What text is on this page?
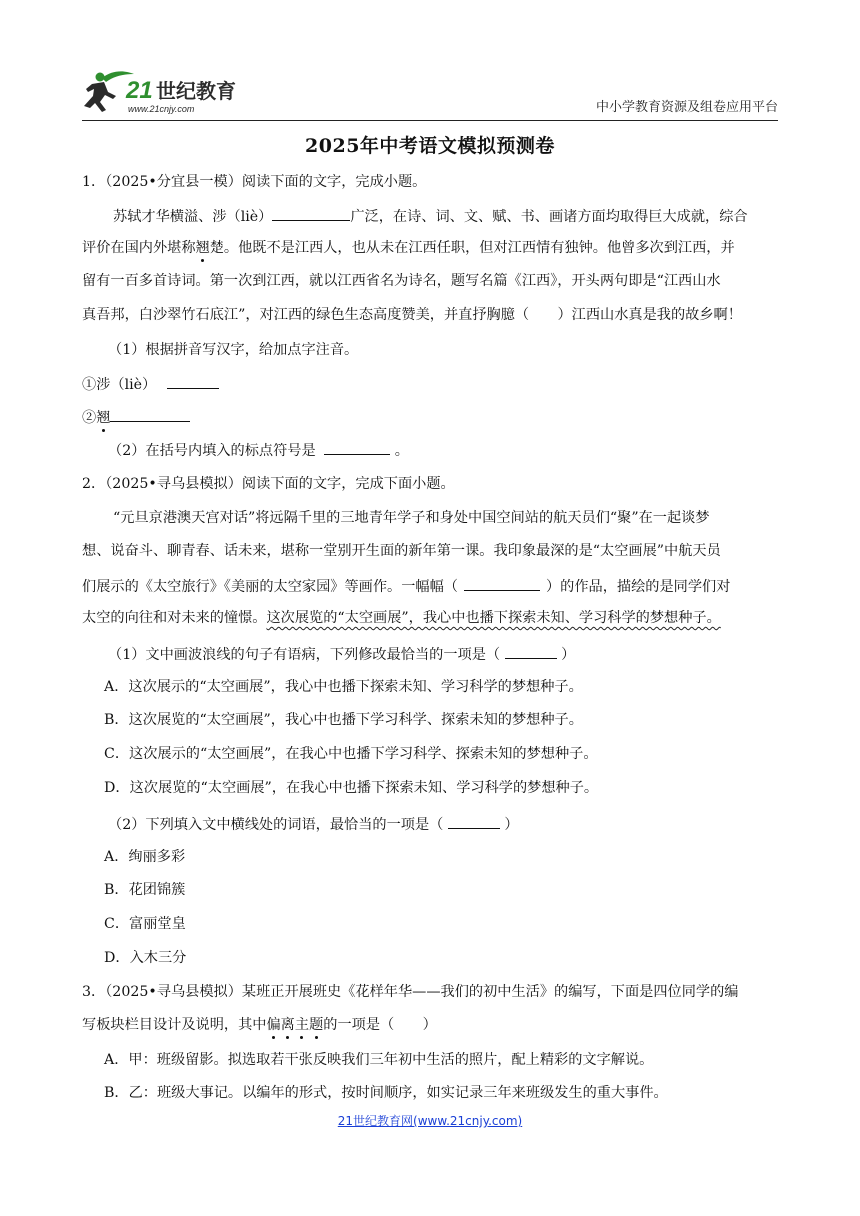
21 世纪教育
www.21cnjy.com	中小学教育资源及组卷应用平台
2025年中考语文模拟预测卷
1．（2025•分宜县一模）阅读下面的文字，完成小题。
苏轼才华横溢、涉（liè）	广泛，在诗、词、文、赋、书、画诸方面均取得巨大成就，综合
评价在国内外堪称翘楚。他既不是江西人，也从未在江西任职，但对江西情有独钟。他曾多次到江西，并
留有一百多首诗词。第一次到江西，就以江西省名为诗名，题写名篇《江西》，开头两句即是“江西山水
真吾邦，白沙翠竹石底江”，对江西的绿色生态高度赞美，并直抒胸臆（　　）江西山水真是我的故乡啊！
（1）根据拼音写汉字，给加点字注音。
①涉（liè）
②翘
（2）在括号内填入的标点符号是	。
2．（2025•寻乌县模拟）阅读下面的文字，完成下面小题。
“元旦京港澳天宫对话”将远隔千里的三地青年学子和身处中国空间站的航天员们“聚”在一起谈梦
想、说奋斗、聊青春、话未来，堪称一堂别开生面的新年第一课。我印象最深的是“太空画展”中航天员
们展示的《太空旅行》《美丽的太空家园》等画作。一幅幅（	）的作品，描绘的是同学们对
太空的向往和对未来的憧憬。这次展览的“太空画展”，我心中也播下探索未知、学习科学的梦想种子。
（1）文中画波浪线的句子有语病，下列修改最恰当的一项是（	）
A．这次展示的“太空画展”，我心中也播下探索未知、学习科学的梦想种子。
B．这次展览的“太空画展”，我心中也播下学习科学、探索未知的梦想种子。
C．这次展示的“太空画展”，在我心中也播下学习科学、探索未知的梦想种子。
D．这次展览的“太空画展”，在我心中也播下探索未知、学习科学的梦想种子。
（2）下列填入文中横线处的词语，最恰当的一项是（	）
A．绚丽多彩
B．花团锦簇
C．富丽堂皇
D．入木三分
3．（2025•寻乌县模拟）某班正开展班史《花样年华——我们的初中生活》的编写，下面是四位同学的编
写板块栏目设计及说明，其中偏离主题的一项是（　　）
A．甲：班级留影。拟选取若干张反映我们三年初中生活的照片，配上精彩的文字解说。
B．乙：班级大事记。以编年的形式，按时间顺序，如实记录三年来班级发生的重大事件。
21世纪教育网(www.21cnjy.com)
